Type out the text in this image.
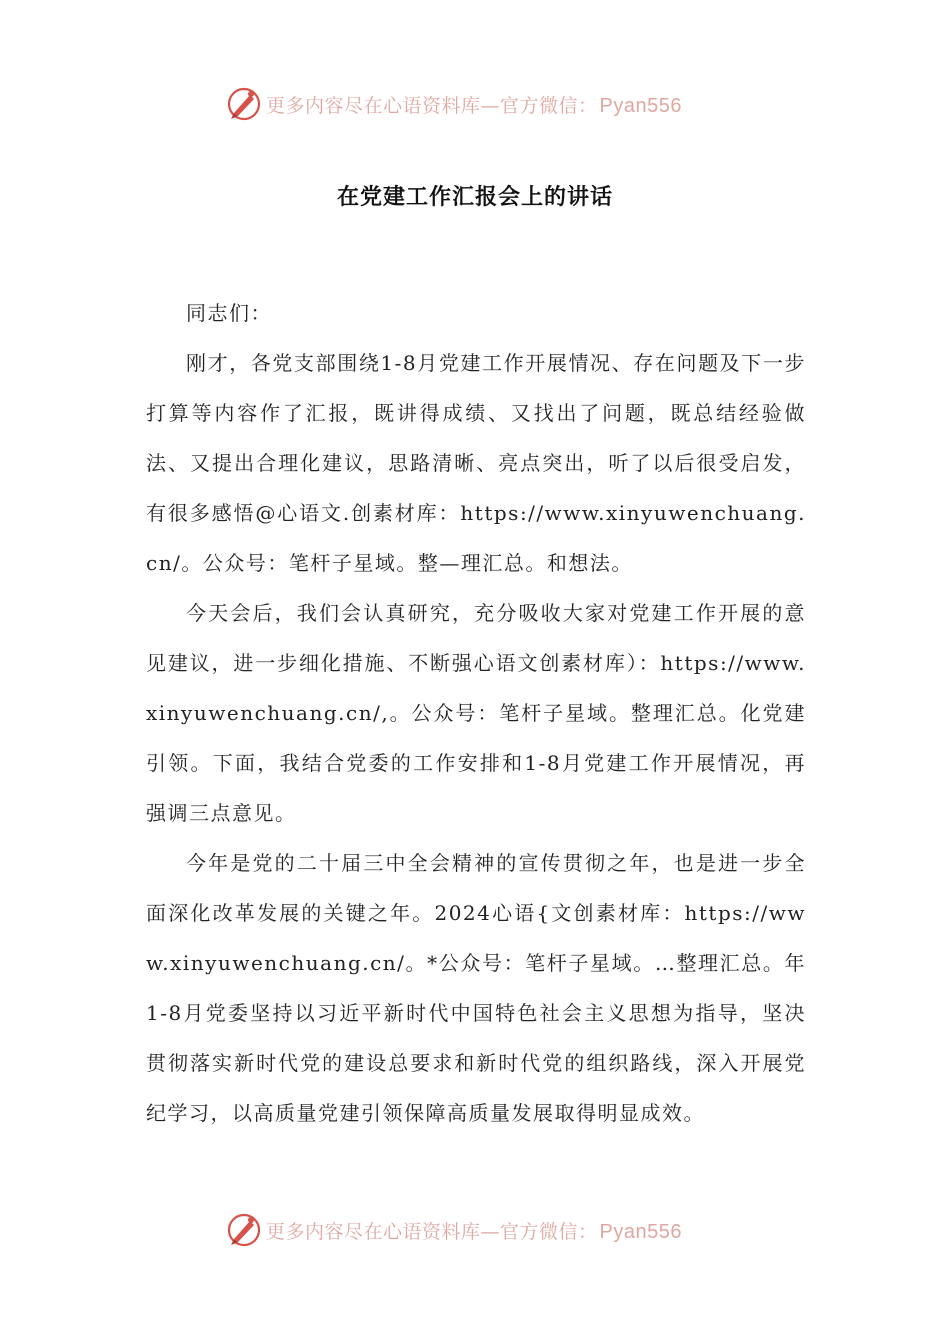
更多内容尽在心语资料库—官方微信： Pyan556
在党建工作汇报会上的讲话

同志们：

刚才，各党支部围绕1-8月党建工作开展情况、存在问题及下一步打算等内容作了汇报，既讲得成绩、又找出了问题，既总结经验做法、又提出合理化建议，思路清晰、亮点突出，听了以后很受启发，有很多感悟@心语文.创素材库：https://www.xinyuwenchuang.cn/。公众号：笔杆子星域。整—理汇总。和想法。

今天会后，我们会认真研究，充分吸收大家对党建工作开展的意见建议，进一步细化措施、不断强心语文创素材库）：https://www.xinyuwenchuang.cn/,。公众号：笔杆子星域。整理汇总。化党建引领。下面，我结合党委的工作安排和1-8月党建工作开展情况，再强调三点意见。

今年是党的二十届三中全会精神的宣传贯彻之年，也是进一步全面深化改革发展的关键之年。2024心语{文创素材库：https://www.xinyuwenchuang.cn/。*公众号：笔杆子星域。…整理汇总。年1-8月党委坚持以习近平新时代中国特色社会主义思想为指导，坚决贯彻落实新时代党的建设总要求和新时代党的组织路线，深入开展党纪学习，以高质量党建引领保障高质量发展取得明显成效。

更多内容尽在心语资料库—官方微信： Pyan556
